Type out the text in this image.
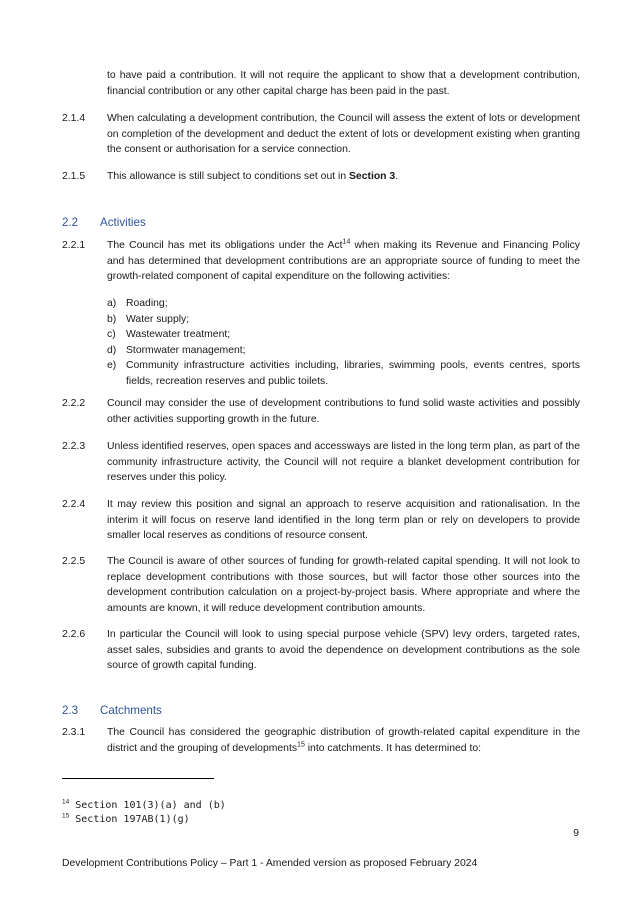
to have paid a contribution. It will not require the applicant to show that a development contribution, financial contribution or any other capital charge has been paid in the past.
2.1.4	When calculating a development contribution, the Council will assess the extent of lots or development on completion of the development and deduct the extent of lots or development existing when granting the consent or authorisation for a service connection.
2.1.5	This allowance is still subject to conditions set out in Section 3.
2.2 Activities
2.2.1	The Council has met its obligations under the Act$^{14}$ when making its Revenue and Financing Policy and has determined that development contributions are an appropriate source of funding to meet the growth-related component of capital expenditure on the following activities:
a) Roading;
b) Water supply;
c) Wastewater treatment;
d) Stormwater management;
e) Community infrastructure activities including, libraries, swimming pools, events centres, sports fields, recreation reserves and public toilets.
2.2.2	Council may consider the use of development contributions to fund solid waste activities and possibly other activities supporting growth in the future.
2.2.3	Unless identified reserves, open spaces and accessways are listed in the long term plan, as part of the community infrastructure activity, the Council will not require a blanket development contribution for reserves under this policy.
2.2.4	It may review this position and signal an approach to reserve acquisition and rationalisation. In the interim it will focus on reserve land identified in the long term plan or rely on developers to provide smaller local reserves as conditions of resource consent.
2.2.5	The Council is aware of other sources of funding for growth-related capital spending. It will not look to replace development contributions with those sources, but will factor those other sources into the development contribution calculation on a project-by-project basis. Where appropriate and where the amounts are known, it will reduce development contribution amounts.
2.2.6	In particular the Council will look to using special purpose vehicle (SPV) levy orders, targeted rates, asset sales, subsidies and grants to avoid the dependence on development contributions as the sole source of growth capital funding.
2.3 Catchments
2.3.1	The Council has considered the geographic distribution of growth-related capital expenditure in the district and the grouping of developments$^{15}$ into catchments. It has determined to:
$^{14}$ Section 101(3)(a) and (b)
$^{15}$ Section 197AB(1)(g)
9
Development Contributions Policy – Part 1 - Amended version as proposed February 2024
